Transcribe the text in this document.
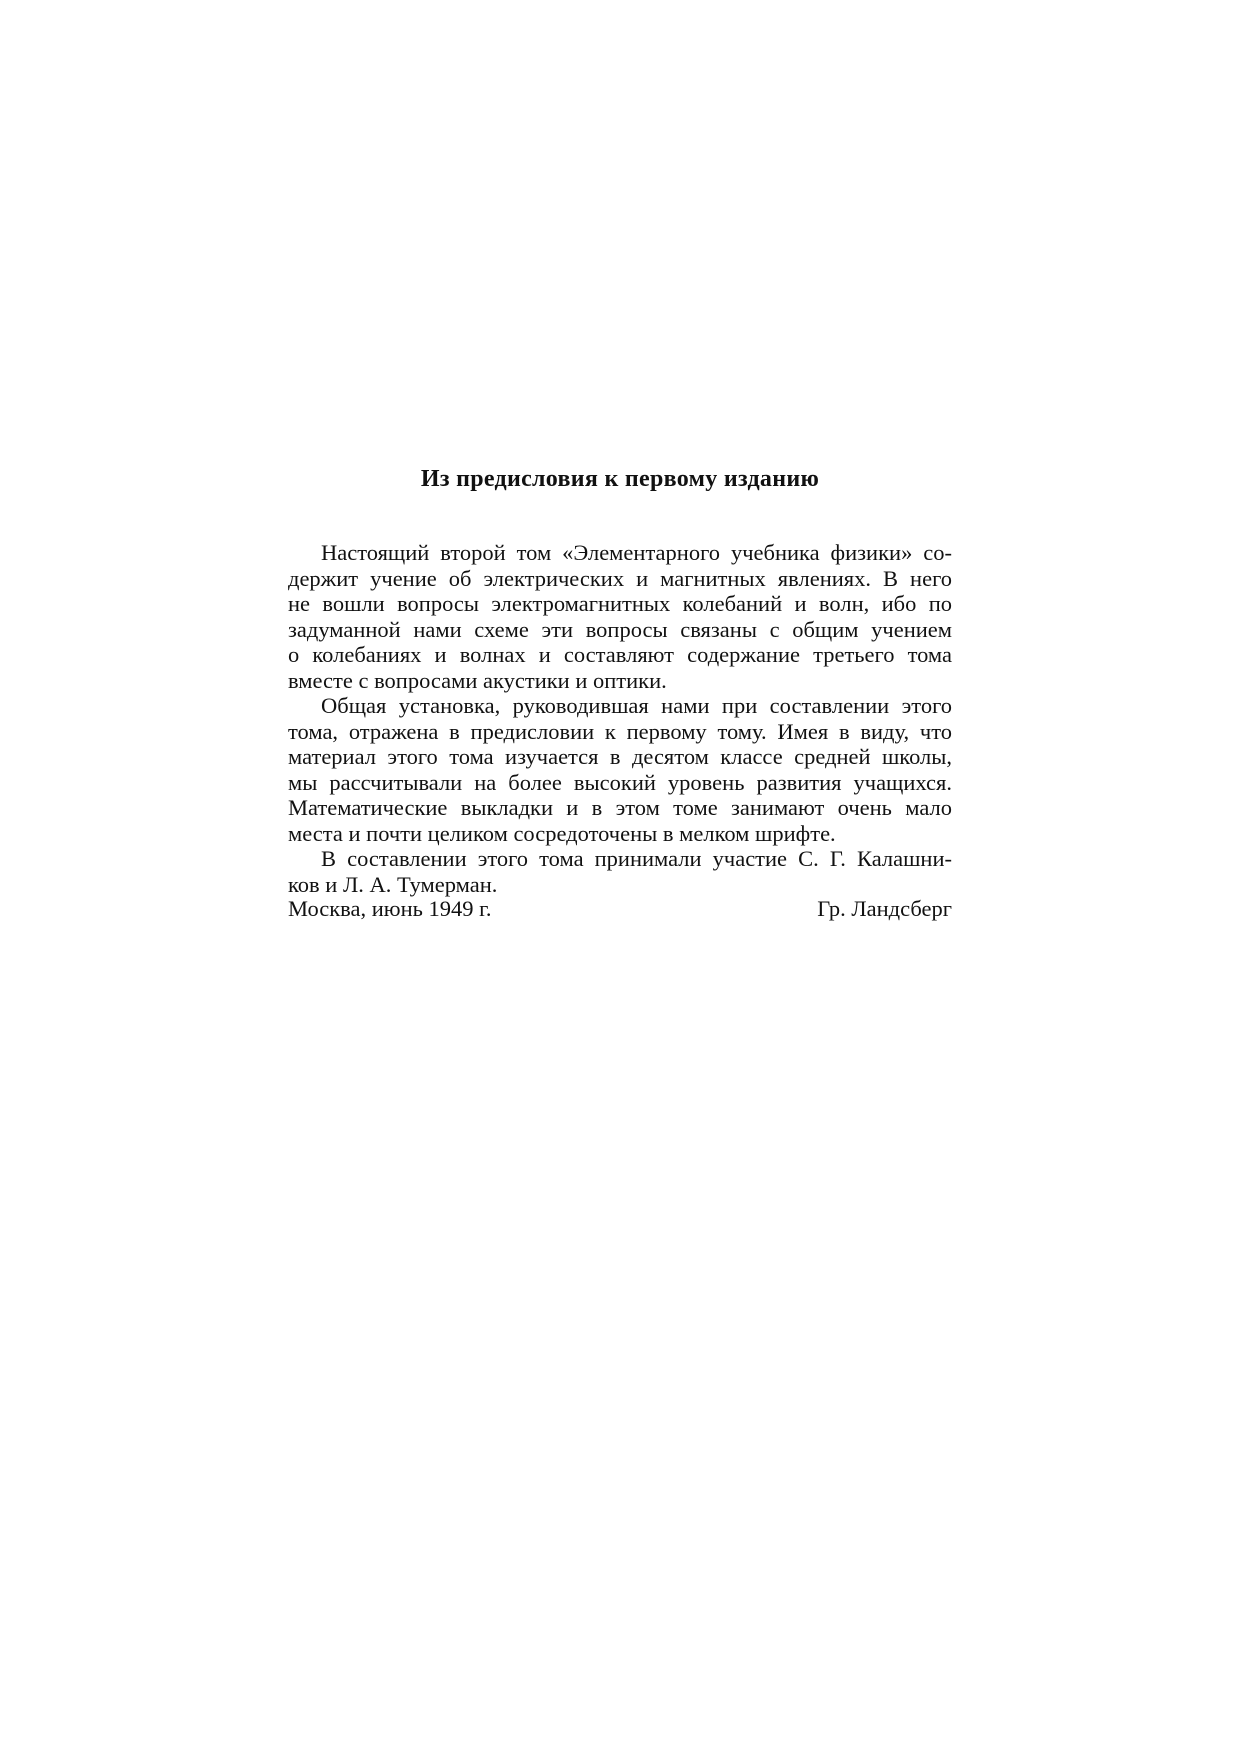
Из предисловия к первому изданию
Настоящий второй том «Элементарного учебника физики» со-
держит учение об электрических и магнитных явлениях. В него
не вошли вопросы электромагнитных колебаний и волн, ибо по
задуманной нами схеме эти вопросы связаны с общим учением
о колебаниях и волнах и составляют содержание третьего тома
вместе с вопросами акустики и оптики.
Общая установка, руководившая нами при составлении этого
тома, отражена в предисловии к первому тому. Имея в виду, что
материал этого тома изучается в десятом классе средней школы,
мы рассчитывали на более высокий уровень развития учащихся.
Математические выкладки и в этом томе занимают очень мало
места и почти целиком сосредоточены в мелком шрифте.
В составлении этого тома принимали участие С. Г. Калашни-
ков и Л. А. Тумерман.
Москва, июнь 1949 г.	Гр. Ландсберг
